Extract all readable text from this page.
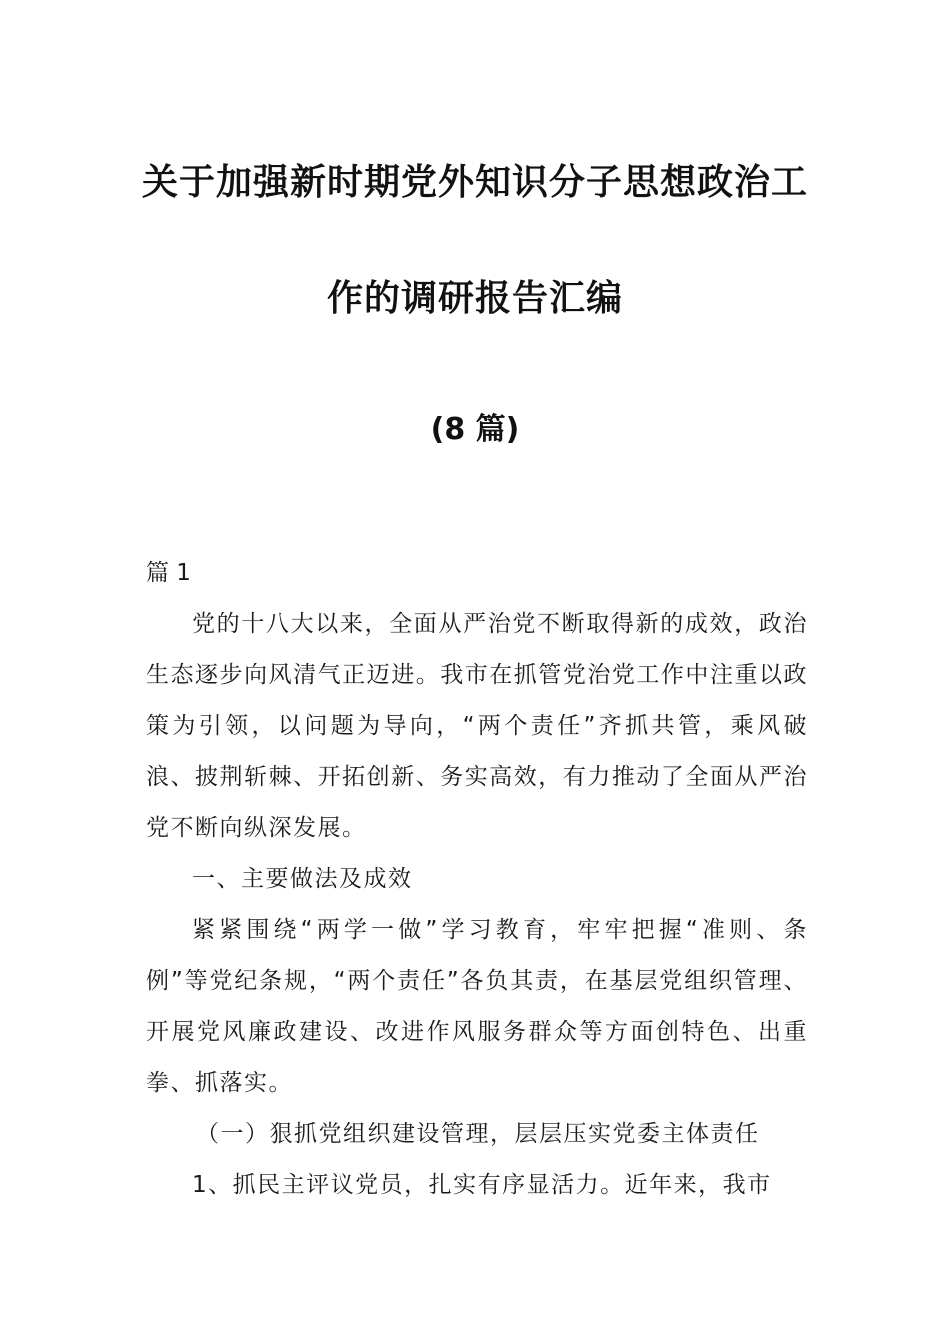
关于加强新时期党外知识分子思想政治工
作的调研报告汇编
(8 篇)

篇 1

党的十八大以来，全面从严治党不断取得新的成效，政治生态逐步向风清气正迈进。我市在抓管党治党工作中注重以政策为引领，以问题为导向，“两个责任”齐抓共管，乘风破浪、披荆斩棘、开拓创新、务实高效，有力推动了全面从严治党不断向纵深发展。

一、主要做法及成效

紧紧围绕“两学一做”学习教育，牢牢把握“准则、条例”等党纪条规，“两个责任”各负其责，在基层党组织管理、开展党风廉政建设、改进作风服务群众等方面创特色、出重拳、抓落实。

（一）狠抓党组织建设管理，层层压实党委主体责任

1、抓民主评议党员，扎实有序显活力。近年来，我市
